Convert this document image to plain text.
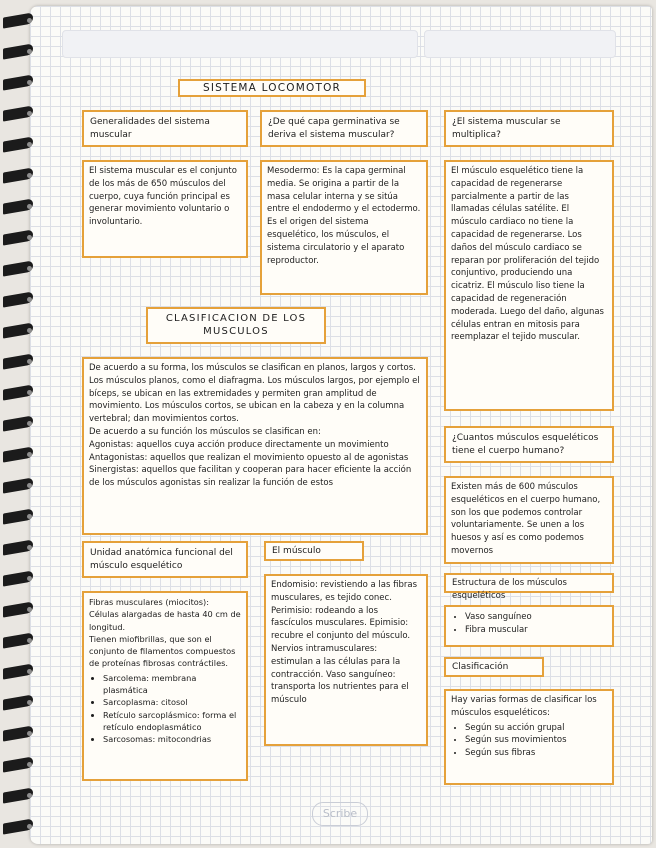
SISTEMA LOCOMOTOR
Generalidades del sistema muscular
¿De qué capa germinativa se deriva el sistema muscular?
¿El sistema muscular se multiplica?

El sistema muscular es el conjunto de los más de 650 músculos del cuerpo, cuya función principal es generar movimiento voluntario o involuntario.

Mesodermo: Es la capa germinal media. Se origina a partir de la masa celular interna y se sitúa entre el endodermo y el ectodermo. Es el origen del sistema esquelético, los músculos, el sistema circulatorio y el aparato reproductor.

El músculo esquelético tiene la capacidad de regenerarse parcialmente a partir de las llamadas células satélite. El músculo cardiaco no tiene la capacidad de regenerarse. Los daños del músculo cardiaco se reparan por proliferación del tejido conjuntivo, produciendo una cicatriz. El músculo liso tiene la capacidad de regeneración moderada. Luego del daño, algunas células entran en mitosis para reemplazar el tejido muscular.

CLASIFICACION DE LOS MUSCULOS

De acuerdo a su forma, los músculos se clasifican en planos, largos y cortos. Los músculos planos, como el diafragma. Los músculos largos, por ejemplo el bíceps, se ubican en las extremidades y permiten gran amplitud de movimiento. Los músculos cortos, se ubican en la cabeza y en la columna vertebral; dan movimientos cortos.

De acuerdo a su función los músculos se clasifican en:

Agonistas: aquellos cuya acción produce directamente un movimiento

Antagonistas: aquellos que realizan el movimiento opuesto al de agonistas

Sinergistas: aquellos que facilitan y cooperan para hacer eficiente la acción de los músculos agonistas sin realizar la función de estos

¿Cuantos músculos esqueléticos tiene el cuerpo humano?

Existen más de 600 músculos esqueléticos en el cuerpo humano, son los que podemos controlar voluntariamente. Se unen a los huesos y así es como podemos movernos

Unidad anatómica funcional del músculo esquelético

Fibras musculares (miocitos): Células alargadas de hasta 40 cm de longitud.

Tienen miofibrillas, que son el conjunto de filamentos compuestos de proteínas fibrosas contráctiles.

• Sarcolema: membrana plasmática
• Sarcoplasma: citosol
• Retículo sarcoplásmico: forma el retículo endoplasmático
• Sarcosomas: mitocondrias
El músculo

Endomisio: revistiendo a las fibras musculares, es tejido conec. Perimisio: rodeando a los fascículos musculares. Epimisio: recubre el conjunto del músculo. Nervios intramusculares: estimulan a las células para la contracción. Vaso sanguíneo: transporta los nutrientes para el músculo

Estructura de los músculos esqueléticos
• Vaso sanguíneo
• Fibra muscular
Clasificación

Hay varias formas de clasificar los músculos esqueléticos:

• Según su acción grupal
• Según sus movimientos
• Según sus fibras
Scribe
